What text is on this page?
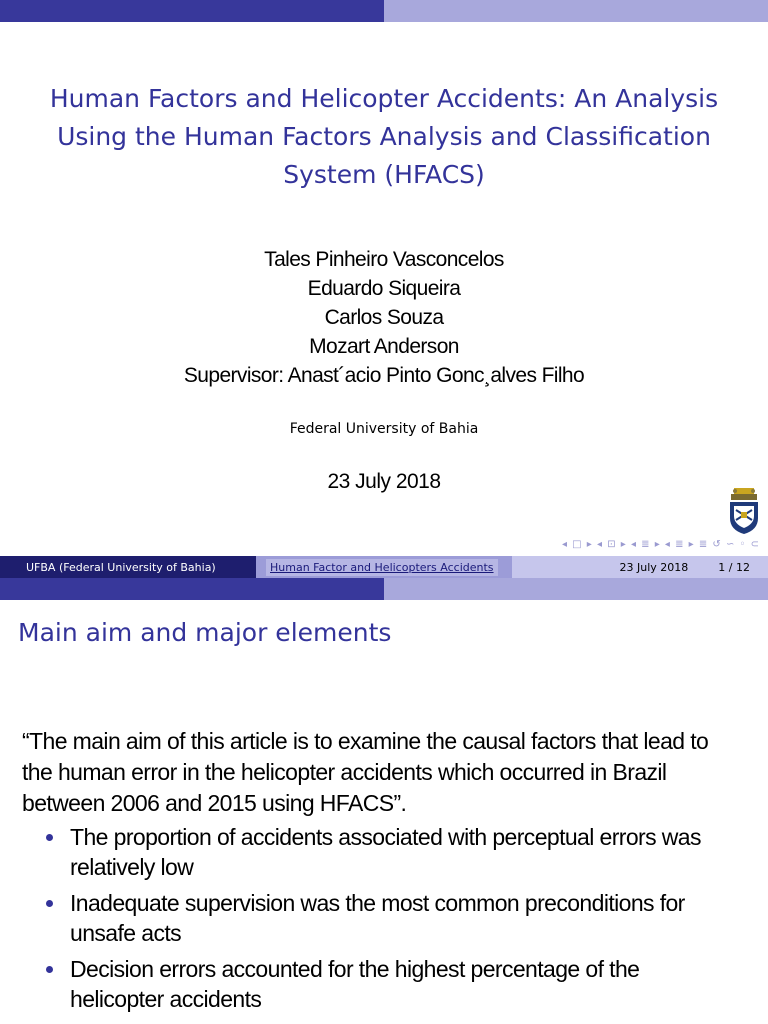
Human Factors and Helicopter Accidents: An Analysis Using the Human Factors Analysis and Classification System (HFACS)
Tales Pinheiro Vasconcelos
Eduardo Siqueira
Carlos Souza
Mozart Anderson
Supervisor: Anast´acio Pinto Gonc¸alves Filho
Federal University of Bahia
23 July 2018
◂ □ ▸ ◂ ⊡ ▸ ◂ ≣ ▸ ◂ ≣ ▸ ≣ ↺ ∽ ◦ ⊂
UFBA (Federal University of Bahia)	Human Factor and Helicopters Accidents	23 July 2018	1 / 12
Main aim and major elements
“The main aim of this article is to examine the causal factors that lead to the human error in the helicopter accidents which occurred in Brazil between 2006 and 2015 using HFACS”.
The proportion of accidents associated with perceptual errors was relatively low
Inadequate supervision was the most common preconditions for unsafe acts
Decision errors accounted for the highest percentage of the helicopter accidents
